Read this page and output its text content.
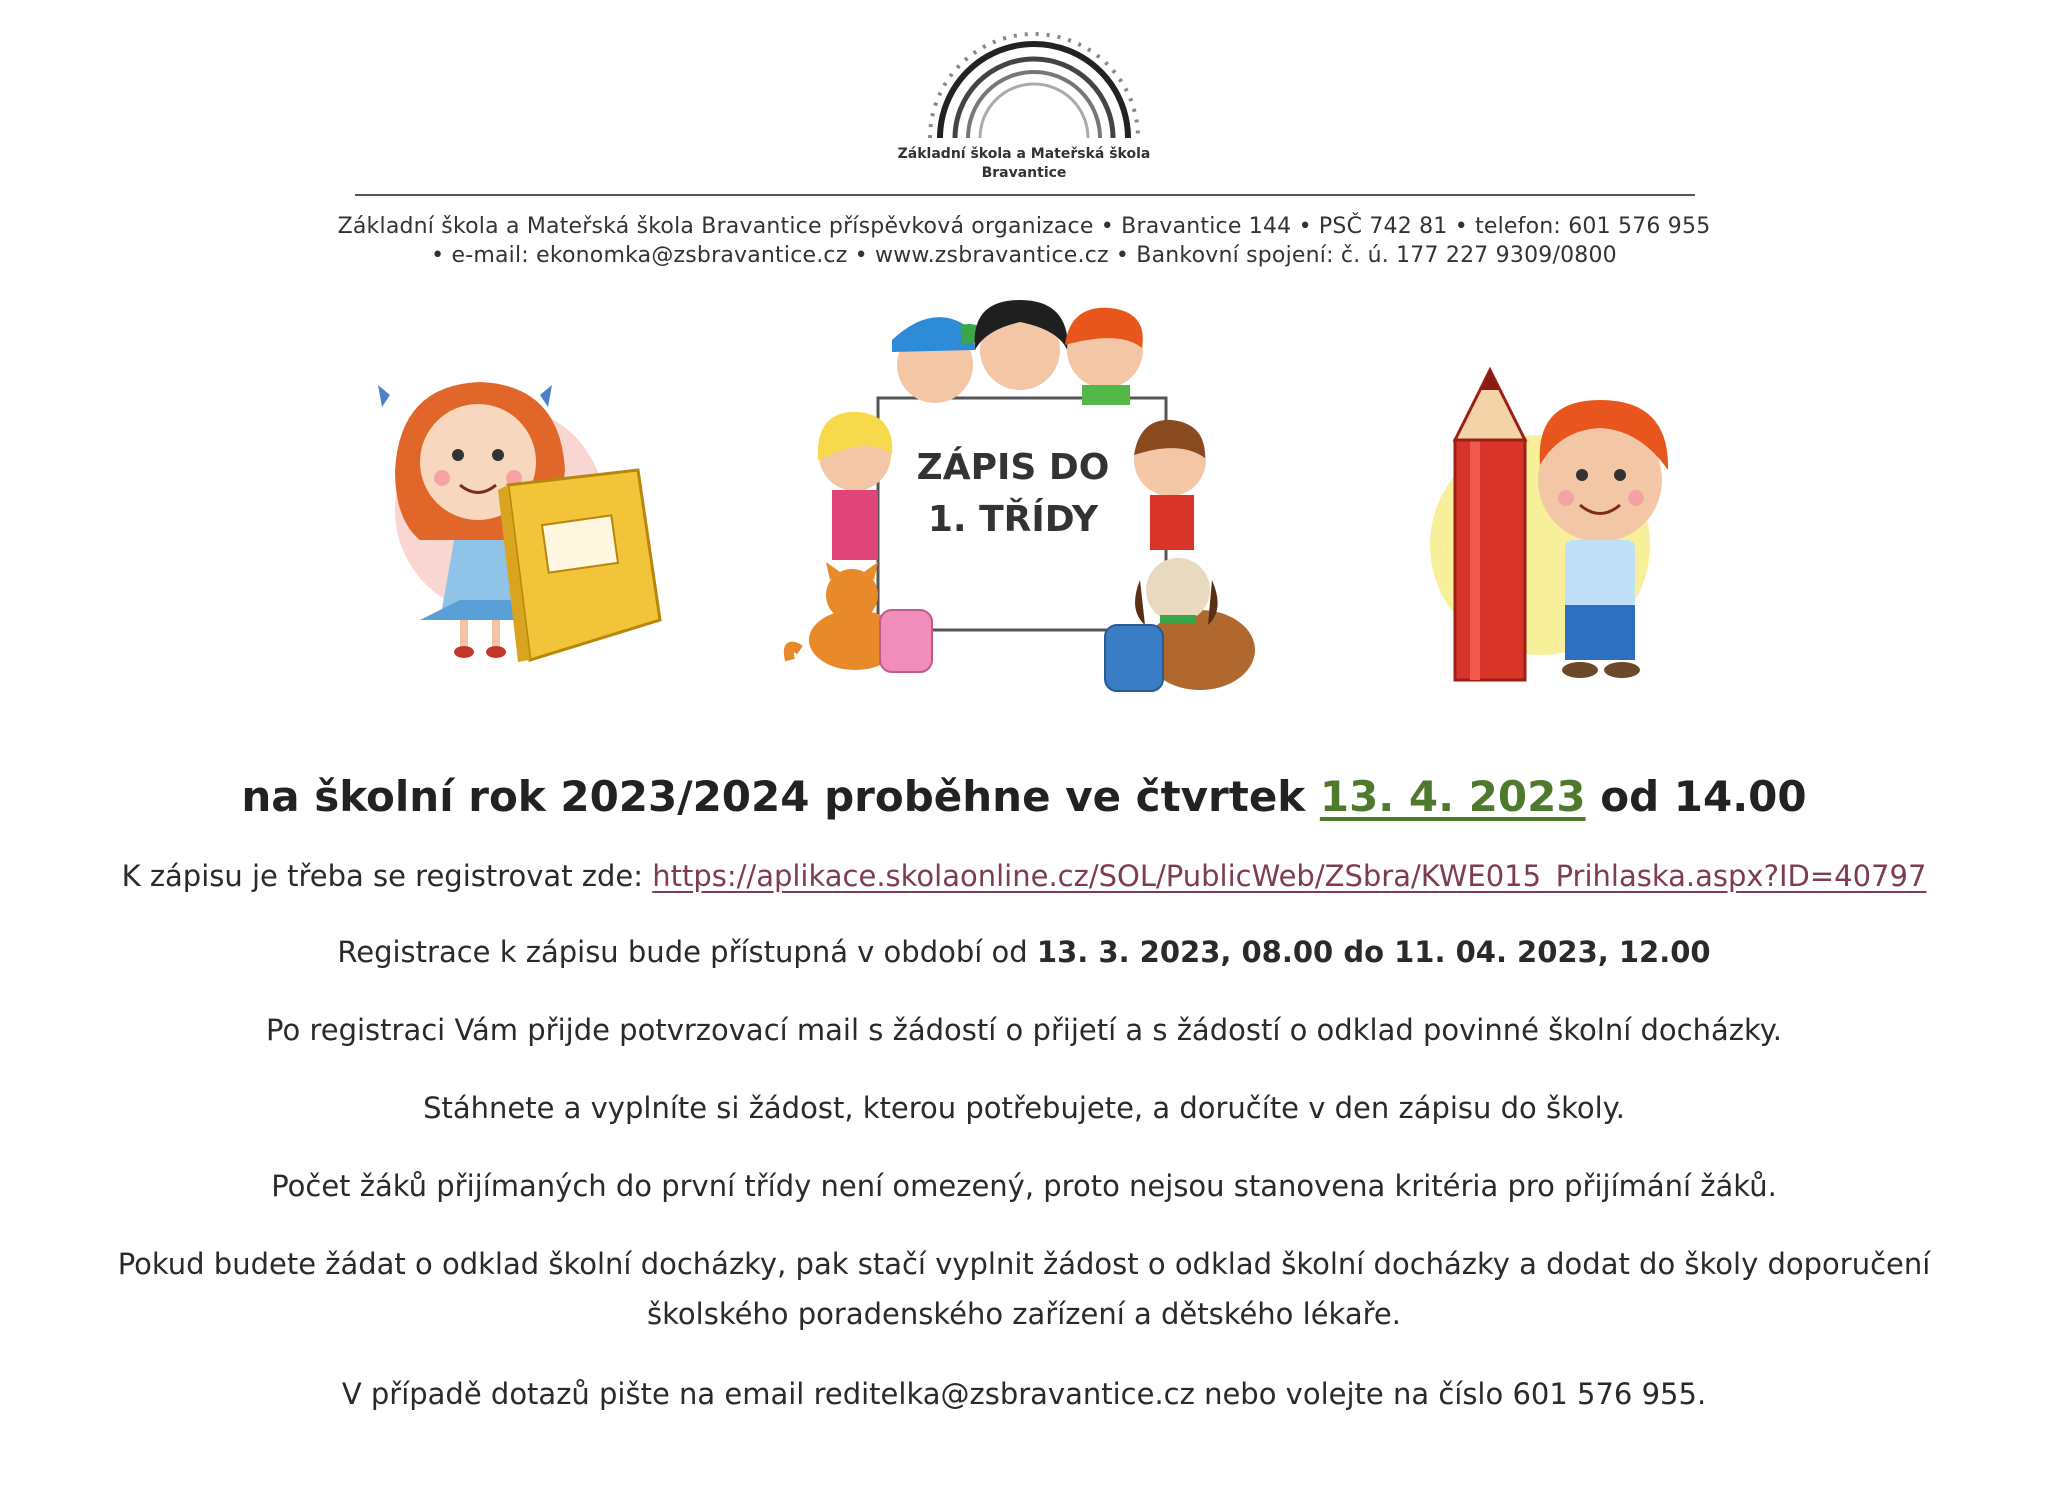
Základní škola a Mateřská škola
Bravantice
Základní škola a Mateřská škola Bravantice příspěvková organizace • Bravantice 144 • PSČ 742 81 • telefon: 601 576 955
• e-mail: ekonomka@zsbravantice.cz • www.zsbravantice.cz • Bankovní spojení: č. ú. 177 227 9309/0800
ZÁPIS DO
1. TŘÍDY
na školní rok 2023/2024 proběhne ve čtvrtek 13. 4. 2023 od 14.00
K zápisu je třeba se registrovat zde: https://aplikace.skolaonline.cz/SOL/PublicWeb/ZSbra/KWE015_Prihlaska.aspx?ID=40797
Registrace k zápisu bude přístupná v období od 13. 3. 2023, 08.00 do 11. 04. 2023, 12.00
Po registraci Vám přijde potvrzovací mail s žádostí o přijetí a s žádostí o odklad povinné školní docházky.
Stáhnete a vyplníte si žádost, kterou potřebujete, a doručíte v den zápisu do školy.
Počet žáků přijímaných do první třídy není omezený, proto nejsou stanovena kritéria pro přijímání žáků.
Pokud budete žádat o odklad školní docházky, pak stačí vyplnit žádost o odklad školní docházky a dodat do školy doporučení
školského poradenského zařízení a dětského lékaře.
V případě dotazů pište na email reditelka@zsbravantice.cz nebo volejte na číslo 601 576 955.
